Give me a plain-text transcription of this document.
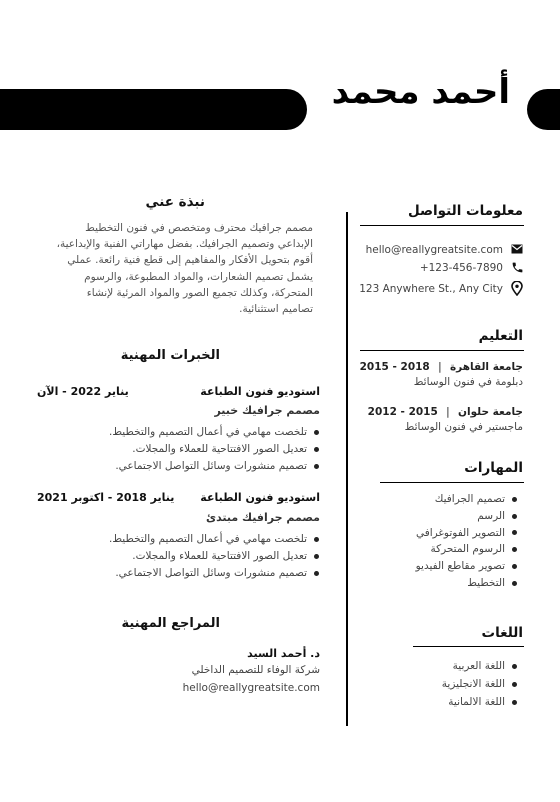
أحمد محمد
معلومات التواصل
hello@reallygreatsite.com
+123-456-7890
123 Anywhere St., Any City
التعليم
جامعة القاهرة | 2015 - 2018
دبلومة في فنون الوسائط
جامعة حلوان | 2012 - 2015
ماجستير في فنون الوسائط
المهارات
تصميم الجرافيك
الرسم
التصوير الفوتوغرافي
الرسوم المتحركة
تصوير مقاطع الفيديو
التخطيط
اللغات
اللغة العربية
اللغة الانجليزية
اللغة الالمانية
نبذة عني
مصمم جرافيك محترف ومتخصص في فنون التخطيط
الإبداعي وتصميم الجرافيك. بفضل مهاراتي الفنية والإبداعية،
أقوم بتحويل الأفكار والمفاهيم إلى قطع فنية رائعة. عملي
يشمل تصميم الشعارات، والمواد المطبوعة، والرسوم
المتحركة، وكذلك تجميع الصور والمواد المرئية لإنشاء
تصاميم استثنائية.
الخبرات المهنية
استوديو فنون الطباعة
يناير 2022 - الآن
مصمم جرافيك خبير
تلخصت مهامي في أعمال التصميم والتخطيط.
تعديل الصور الافتتاحية للعملاء والمجلات.
تصميم منشورات وسائل التواصل الاجتماعي.
استوديو فنون الطباعة
يناير 2018 - اكتوبر 2021
مصمم جرافيك مبتدئ
تلخصت مهامي في أعمال التصميم والتخطيط.
تعديل الصور الافتتاحية للعملاء والمجلات.
تصميم منشورات وسائل التواصل الاجتماعي.
المراجع المهنية
د. أحمد السيد
شركة الوفاء للتصميم الداخلي
hello@reallygreatsite.com
